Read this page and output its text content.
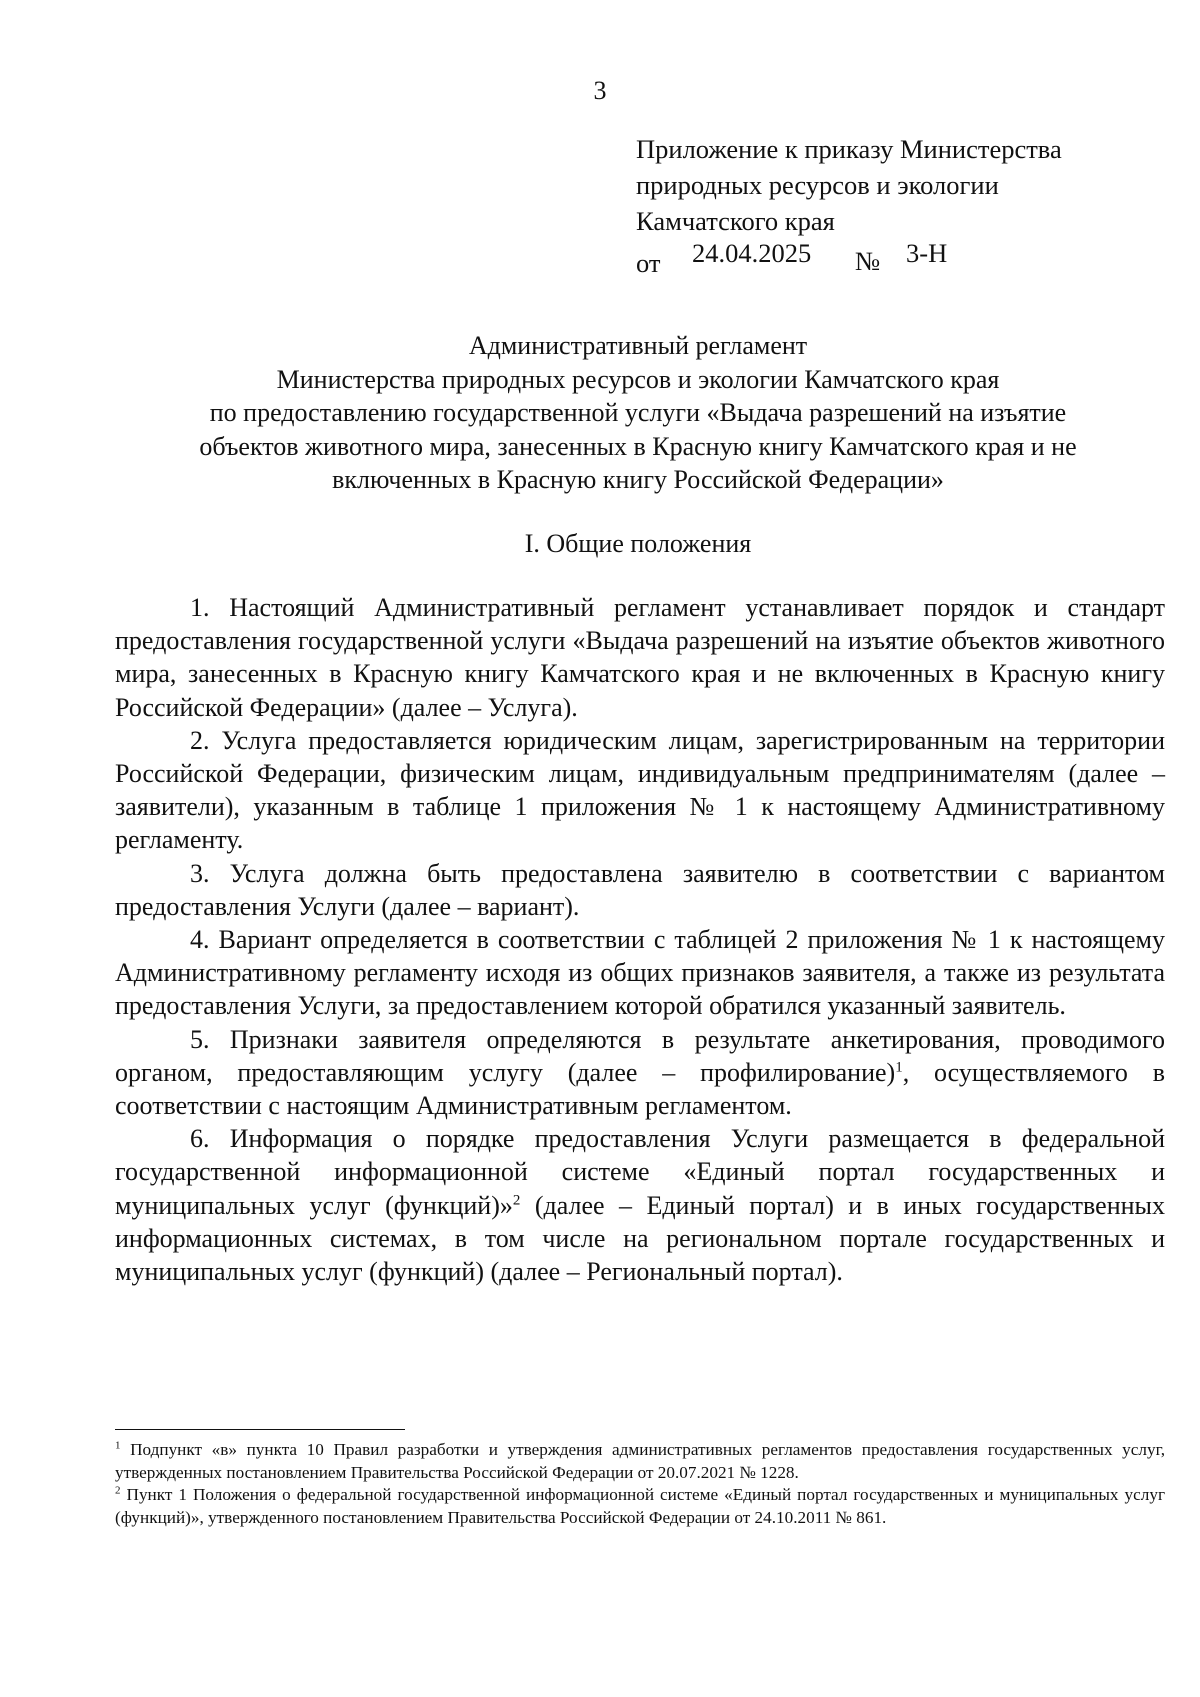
3
Приложение к приказу Министерства
природных ресурсов и экологии
Камчатского края
от 24.04.2025 № 3-Н
Административный регламент
Министерства природных ресурсов и экологии Камчатского края
по предоставлению государственной услуги «Выдача разрешений на изъятие
объектов животного мира, занесенных в Красную книгу Камчатского края и не
включенных в Красную книгу Российской Федерации»
I. Общие положения

1. Настоящий Административный регламент устанавливает порядок и стандарт предоставления государственной услуги «Выдача разрешений на изъятие объектов животного мира, занесенных в Красную книгу Камчатского края и не включенных в Красную книгу Российской Федерации» (далее – Услуга).

2. Услуга предоставляется юридическим лицам, зарегистрированным на территории Российской Федерации, физическим лицам, индивидуальным предпринимателям (далее – заявители), указанным в таблице 1 приложения № 1 к настоящему Административному регламенту.

3. Услуга должна быть предоставлена заявителю в соответствии с вариантом предоставления Услуги (далее – вариант).

4. Вариант определяется в соответствии с таблицей 2 приложения № 1 к настоящему Административному регламенту исходя из общих признаков заявителя, а также из результата предоставления Услуги, за предоставлением которой обратился указанный заявитель.

5. Признаки заявителя определяются в результате анкетирования, проводимого органом, предоставляющим услугу (далее – профилирование)$^1$, осуществляемого в соответствии с настоящим Административным регламентом.

6. Информация о порядке предоставления Услуги размещается в федеральной государственной информационной системе «Единый портал государственных и муниципальных услуг (функций)»$^2$ (далее – Единый портал) и в иных государственных информационных системах, в том числе на региональном портале государственных и муниципальных услуг (функций) (далее – Региональный портал).

$^1$ Подпункт «в» пункта 10 Правил разработки и утверждения административных регламентов предоставления государственных услуг, утвержденных постановлением Правительства Российской Федерации от 20.07.2021 № 1228.

$^2$ Пункт 1 Положения о федеральной государственной информационной системе «Единый портал государственных и муниципальных услуг (функций)», утвержденного постановлением Правительства Российской Федерации от 24.10.2011 № 861.
